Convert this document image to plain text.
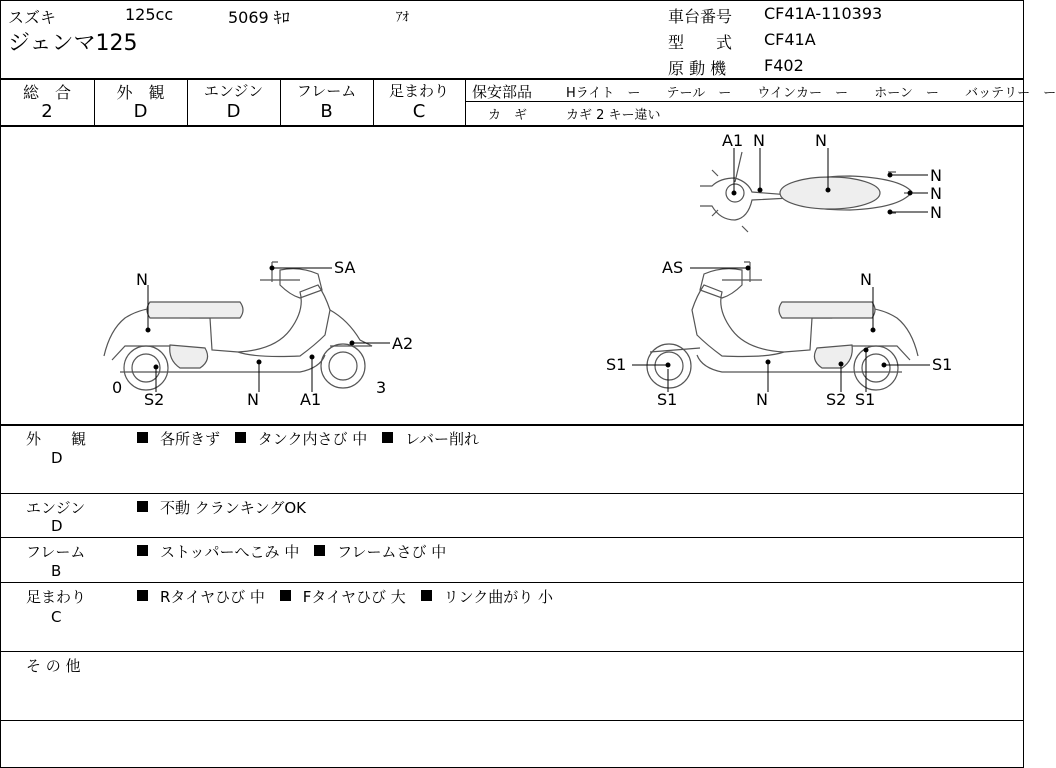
スズキ	125cc	5069 ｷﾛ	ｱｵ
ジェンマ125
車台番号 CF41A-110393
型　　式 CF41A
原 動 機 F402
総　合
2
外　観
D
エンジン
D
フレーム
B
足まわり
C
保安部品	Hライト　ー テール　ー ウインカー　ー ホーン　ー バッテリー　ー
カ　ギ	カギ 2 キー違い
N
SA
A2
0
S2	N	A1
3
AS
N
S1
S1	N	S2 S1
S1
A1 N	N
N
N
N
外　　観
D
各所きず	タンク内さび 中	レバー削れ
エンジン
D
不動 クランキングOK
フレーム
B
ストッパーへこみ 中	フレームさび 中
足まわり
C
Rタイヤひび 中	Fタイヤひび 大	リンク曲がり 小
そ の 他
